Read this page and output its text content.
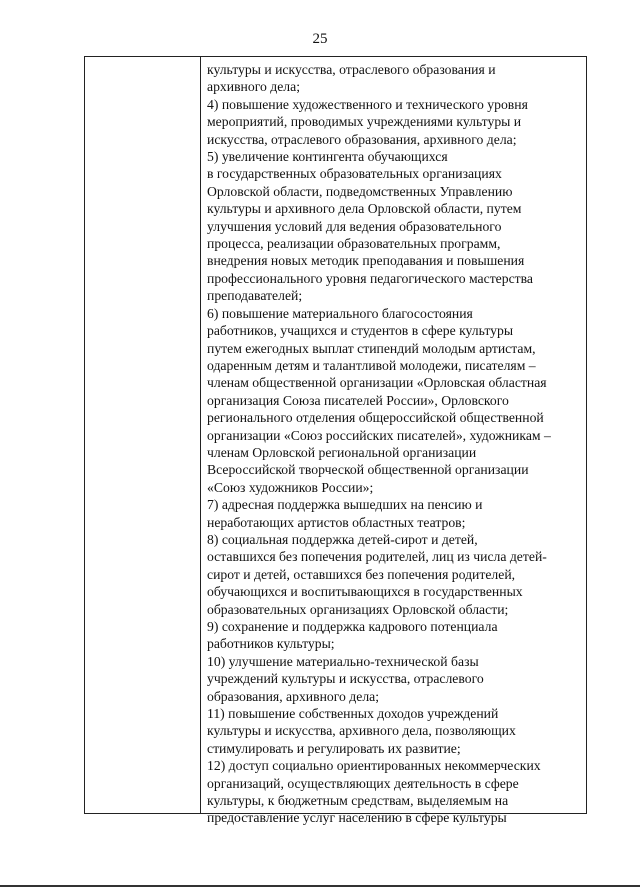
25
культуры и искусства, отраслевого образования и
архивного дела;
4) повышение художественного и технического уровня
мероприятий, проводимых учреждениями культуры и
искусства, отраслевого образования, архивного дела;
5) увеличение контингента обучающихся
в государственных образовательных организациях
Орловской области, подведомственных Управлению
культуры и архивного дела Орловской области, путем
улучшения условий для ведения образовательного
процесса, реализации образовательных программ,
внедрения новых методик преподавания и повышения
профессионального уровня педагогического мастерства
преподавателей;
6) повышение материального благосостояния
работников, учащихся и студентов в сфере культуры
путем ежегодных выплат стипендий молодым артистам,
одаренным детям и талантливой молодежи, писателям –
членам общественной организации «Орловская областная
организация Союза писателей России», Орловского
регионального отделения общероссийской общественной
организации «Союз российских писателей», художникам –
членам Орловской региональной организации
Всероссийской творческой общественной организации
«Союз художников России»;
7) адресная поддержка вышедших на пенсию и
неработающих артистов областных театров;
8) социальная поддержка детей-сирот и детей,
оставшихся без попечения родителей, лиц из числа детей-
сирот и детей, оставшихся без попечения родителей,
обучающихся и воспитывающихся в государственных
образовательных организациях Орловской области;
9) сохранение и поддержка кадрового потенциала
работников культуры;
10) улучшение материально-технической базы
учреждений культуры и искусства, отраслевого
образования, архивного дела;
11) повышение собственных доходов учреждений
культуры и искусства, архивного дела, позволяющих
стимулировать и регулировать их развитие;
12) доступ социально ориентированных некоммерческих
организаций, осуществляющих деятельность в сфере
культуры, к бюджетным средствам, выделяемым на
предоставление услуг населению в сфере культуры
